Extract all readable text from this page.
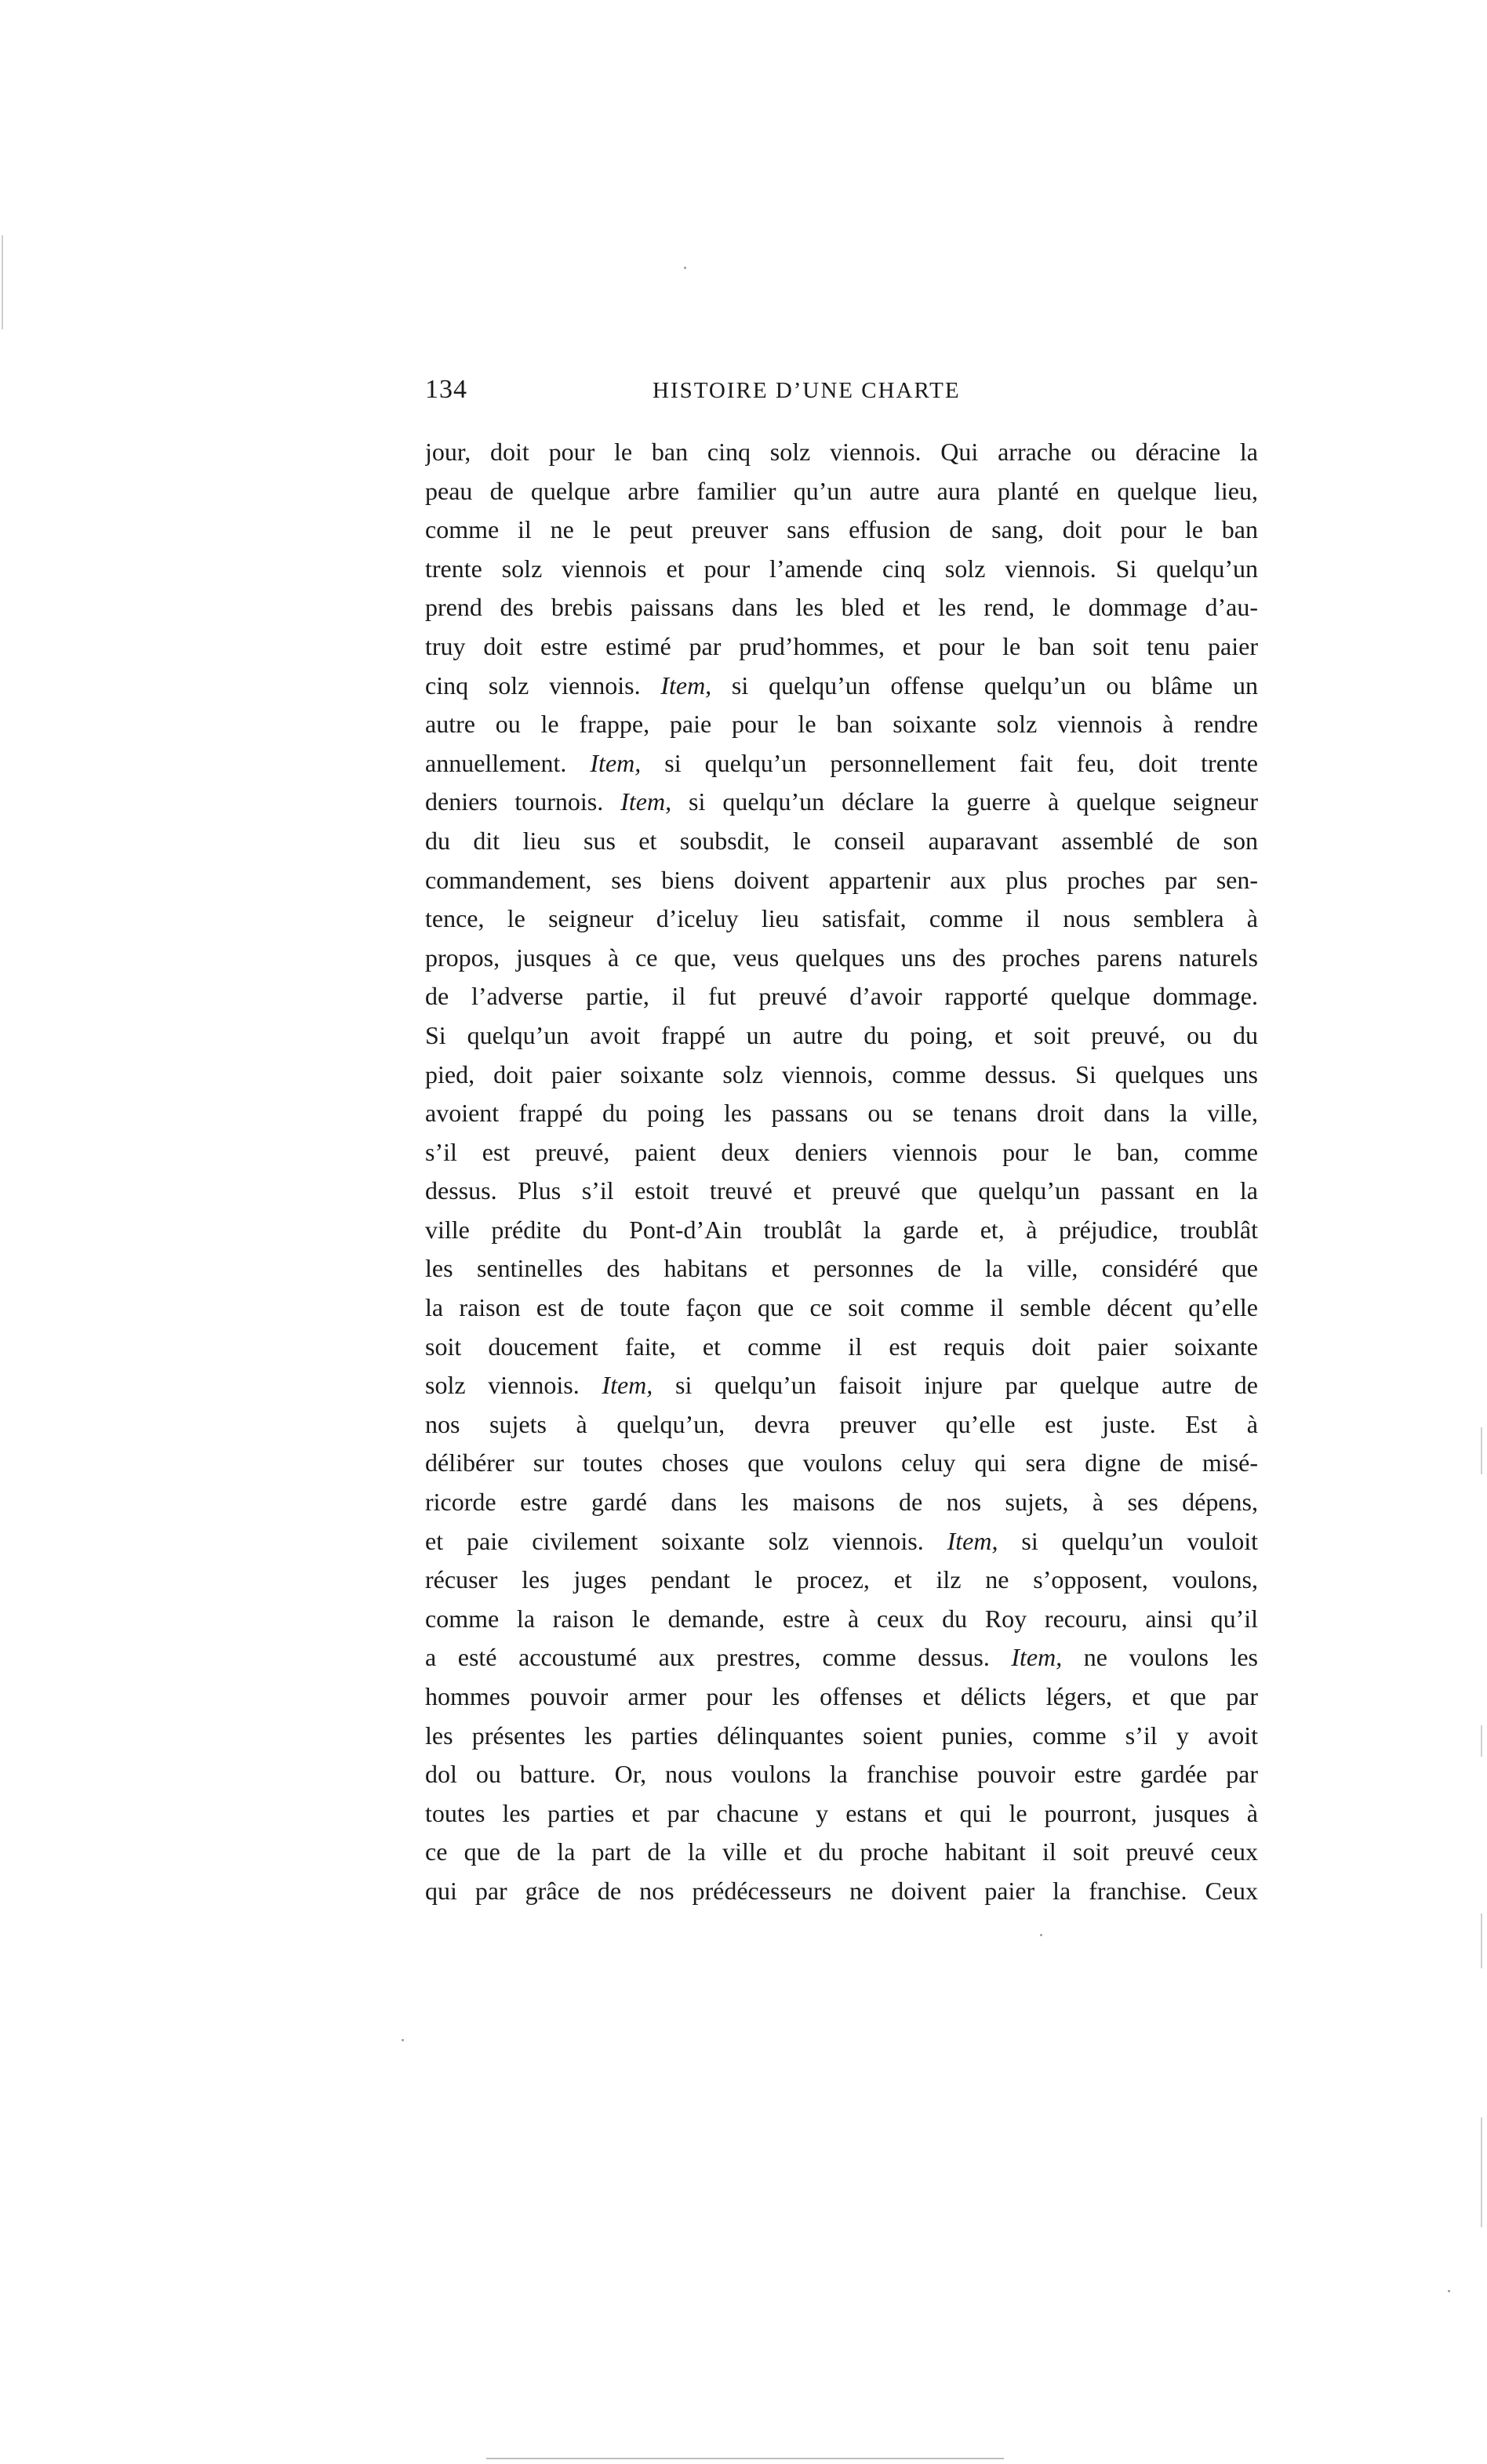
134	HISTOIRE D’UNE CHARTE
jour, doit pour le ban cinq solz viennois. Qui arrache ou déracine la
peau de quelque arbre familier qu’un autre aura planté en quelque lieu,
comme il ne le peut preuver sans effusion de sang, doit pour le ban
trente solz viennois et pour l’amende cinq solz viennois. Si quelqu’un
prend des brebis paissans dans les bled et les rend, le dommage d’au-
truy doit estre estimé par prud’hommes, et pour le ban soit tenu paier
cinq solz viennois. Item, si quelqu’un offense quelqu’un ou blâme un
autre ou le frappe, paie pour le ban soixante solz viennois à rendre
annuellement. Item, si quelqu’un personnellement fait feu, doit trente
deniers tournois. Item, si quelqu’un déclare la guerre à quelque seigneur
du dit lieu sus et soubsdit, le conseil auparavant assemblé de son
commandement, ses biens doivent appartenir aux plus proches par sen-
tence, le seigneur d’iceluy lieu satisfait, comme il nous semblera à
propos, jusques à ce que, veus quelques uns des proches parens naturels
de l’adverse partie, il fut preuvé d’avoir rapporté quelque dommage.
Si quelqu’un avoit frappé un autre du poing, et soit preuvé, ou du
pied, doit paier soixante solz viennois, comme dessus. Si quelques uns
avoient frappé du poing les passans ou se tenans droit dans la ville,
s’il est preuvé, paient deux deniers viennois pour le ban, comme
dessus. Plus s’il estoit treuvé et preuvé que quelqu’un passant en la
ville prédite du Pont-d’Ain troublât la garde et, à préjudice, troublât
les sentinelles des habitans et personnes de la ville, considéré que
la raison est de toute façon que ce soit comme il semble décent qu’elle
soit doucement faite, et comme il est requis doit paier soixante
solz viennois. Item, si quelqu’un faisoit injure par quelque autre de
nos sujets à quelqu’un, devra preuver qu’elle est juste. Est à
délibérer sur toutes choses que voulons celuy qui sera digne de misé-
ricorde estre gardé dans les maisons de nos sujets, à ses dépens,
et paie civilement soixante solz viennois. Item, si quelqu’un vouloit
récuser les juges pendant le procez, et ilz ne s’opposent, voulons,
comme la raison le demande, estre à ceux du Roy recouru, ainsi qu’il
a esté accoustumé aux prestres, comme dessus. Item, ne voulons les
hommes pouvoir armer pour les offenses et délicts légers, et que par
les présentes les parties délinquantes soient punies, comme s’il y avoit
dol ou batture. Or, nous voulons la franchise pouvoir estre gardée par
toutes les parties et par chacune y estans et qui le pourront, jusques à
ce que de la part de la ville et du proche habitant il soit preuvé ceux
qui par grâce de nos prédécesseurs ne doivent paier la franchise. Ceux
